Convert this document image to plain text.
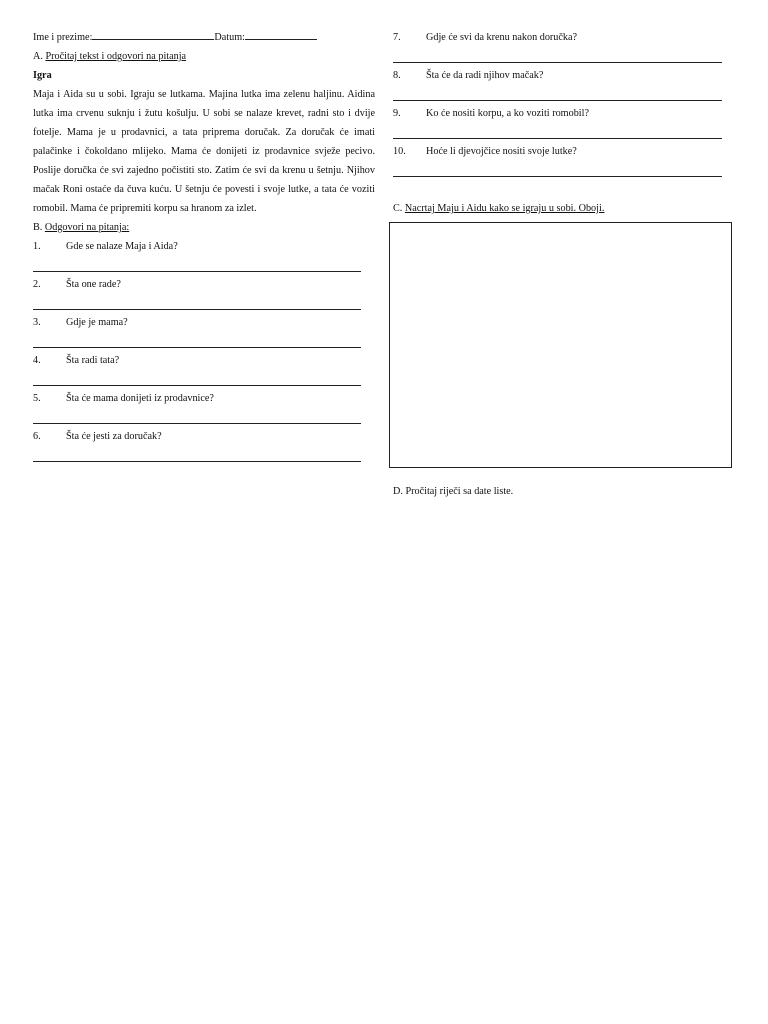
Ime i prezime:	Datum:
A. Pročitaj tekst i odgovori na pitanja
Igra

Maja i Aida su u sobi. Igraju se lutkama. Majina lutka ima zelenu haljinu. Aidina lutka ima crvenu suknju i žutu košulju. U sobi se nalaze krevet, radni sto i dvije fotelje. Mama je u prodavnici, a tata priprema doručak. Za doručak će imati palačinke i čokoldano mlijeko. Mama će donijeti iz prodavnice svježe pecivo. Poslije doručka će svi zajedno počistiti sto. Zatim će svi da krenu u šetnju. Njihov mačak Roni ostaće da čuva kuću. U šetnju će povesti i svoje lutke, a tata će voziti romobil. Mama će pripremiti korpu sa hranom za izlet.

B. Odgovori na pitanja:
1.	Gde se nalaze Maja i Aida?
2.	Šta one rade?
3.	Gdje je mama?
4.	Šta radi tata?
5.	Šta će mama donijeti iz prodavnice?
6.	Šta će jesti za doručak?
7.	Gdje će svi da krenu nakon doručka?
8.	Šta će da radi njihov mačak?
9.	Ko će nositi korpu, a ko voziti romobil?
10.	Hoće li djevojčice nositi svoje lutke?
C. Nacrtaj Maju i Aidu kako se igraju u sobi. Oboji.
D. Pročitaj riječi sa date liste.
